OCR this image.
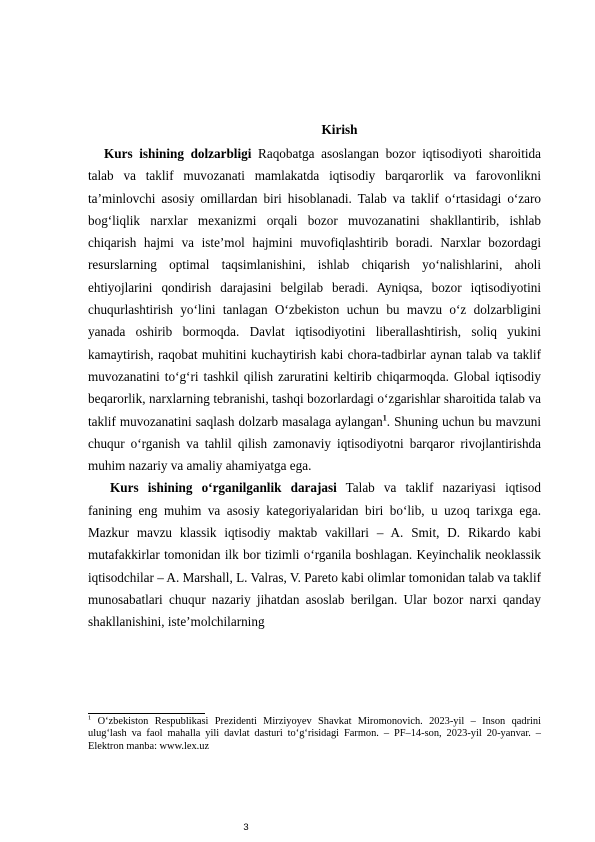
Kirish

Kurs ishining dolzarbligi Raqobatga asoslangan bozor iqtisodiyoti sharoitida talab va taklif muvozanati mamlakatda iqtisodiy barqarorlik va farovonlikni ta’minlovchi asosiy omillardan biri hisoblanadi. Talab va taklif o‘rtasidagi o‘zaro bog‘liqlik narxlar mexanizmi orqali bozor muvozanatini shakllantirib, ishlab chiqarish hajmi va iste’mol hajmini muvofiqlashtirib boradi. Narxlar bozordagi resurslarning optimal taqsimlanishini, ishlab chiqarish yo‘nalishlarini, aholi ehtiyojlarini qondirish darajasini belgilab beradi. Ayniqsa, bozor iqtisodiyotini chuqurlashtirish yo‘lini tanlagan O‘zbekiston uchun bu mavzu o‘z dolzarbligini yanada oshirib bormoqda. Davlat iqtisodiyotini liberallashtirish, soliq yukini kamaytirish, raqobat muhitini kuchaytirish kabi chora-tadbirlar aynan talab va taklif muvozanatini to‘g‘ri tashkil qilish zaruratini keltirib chiqarmoqda. Global iqtisodiy beqarorlik, narxlarning tebranishi, tashqi bozorlardagi o‘zgarishlar sharoitida talab va taklif muvozanatini saqlash dolzarb masalaga aylangan$^1$. Shuning uchun bu mavzuni chuqur o‘rganish va tahlil qilish zamonaviy iqtisodiyotni barqaror rivojlantirishda muhim nazariy va amaliy ahamiyatga ega.

Kurs ishining o‘rganilganlik darajasi Talab va taklif nazariyasi iqtisod fanining eng muhim va asosiy kategoriyalaridan biri bo‘lib, u uzoq tarixga ega. Mazkur mavzu klassik iqtisodiy maktab vakillari – A. Smit, D. Rikardo kabi mutafakkirlar tomonidan ilk bor tizimli o‘rganila boshlagan. Keyinchalik neoklassik iqtisodchilar – A. Marshall, L. Valras, V. Pareto kabi olimlar tomonidan talab va taklif munosabatlari chuqur nazariy jihatdan asoslab berilgan. Ular bozor narxi qanday shakllanishini, iste’molchilarning

$^1$ O‘zbekiston Respublikasi Prezidenti Mirziyoyev Shavkat Miromonovich. 2023-yil – Inson qadrini ulug‘lash va faol mahalla yili davlat dasturi to‘g‘risidagi Farmon. – PF–14-son, 2023-yil 20-yanvar. – Elektron manba: www.lex.uz
3
